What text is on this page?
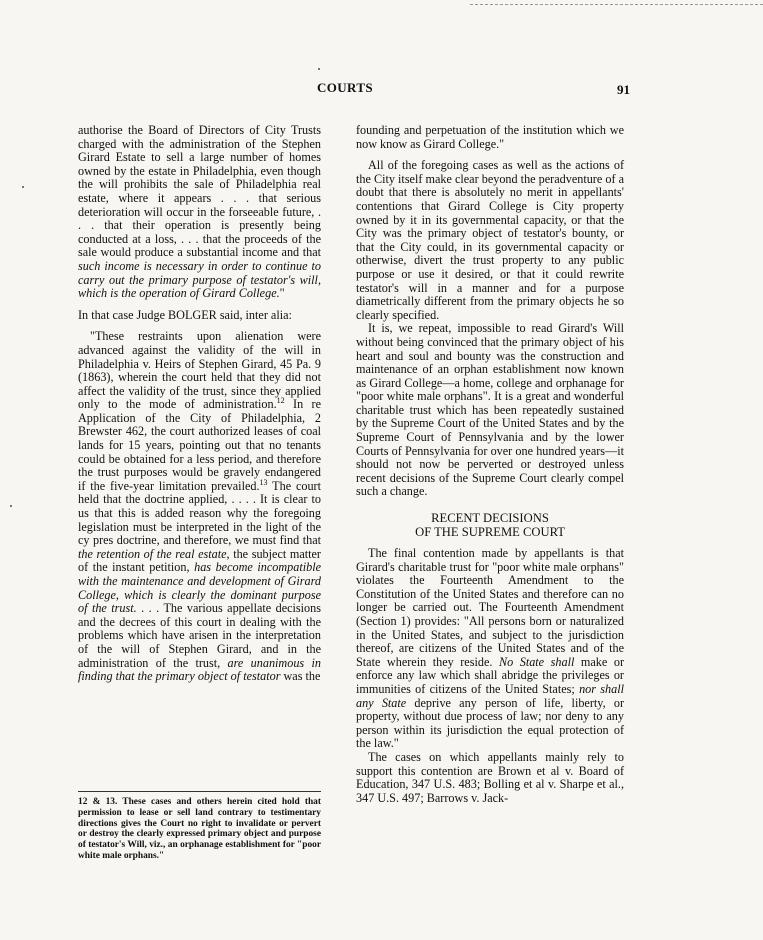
COURTS	91

authorise the Board of Directors of City Trusts charged with the administration of the Stephen Girard Estate to sell a large number of homes owned by the estate in Philadelphia, even though the will prohibits the sale of Philadelphia real estate, where it appears . . . that serious deterioration will occur in the forseeable future, . . . that their operation is presently being conducted at a loss, . . . that the proceeds of the sale would produce a substantial income and that such income is necessary in order to continue to carry out the primary purpose of testator's will, which is the operation of Girard College."

In that case Judge BOLGER said, inter alia:

"These restraints upon alienation were advanced against the validity of the will in Philadelphia v. Heirs of Stephen Girard, 45 Pa. 9 (1863), wherein the court held that they did not affect the validity of the trust, since they applied only to the mode of administration.$^{12}$ In re Application of the City of Philadelphia, 2 Brewster 462, the court authorized leases of coal lands for 15 years, pointing out that no tenants could be obtained for a less period, and therefore the trust purposes would be gravely endangered if the five-year limitation prevailed.$^{13}$ The court held that the doctrine applied, . . . . It is clear to us that this is added reason why the foregoing legislation must be interpreted in the light of the cy pres doctrine, and therefore, we must find that the retention of the real estate, the subject matter of the instant petition, has become incompatible with the maintenance and development of Girard College, which is clearly the dominant purpose of the trust. . . . The various appellate decisions and the decrees of this court in dealing with the problems which have arisen in the interpretation of the will of Stephen Girard, and in the administration of the trust, are unanimous in finding that the primary object of testator was the

12 & 13. These cases and others herein cited hold that permission to lease or sell land contrary to testimentary directions gives the Court no right to invalidate or pervert or destroy the clearly expressed primary object and purpose of testator's Will, viz., an orphanage establishment for "poor white male orphans."

founding and perpetuation of the institution which we now know as Girard College."

All of the foregoing cases as well as the actions of the City itself make clear beyond the peradventure of a doubt that there is absolutely no merit in appellants' contentions that Girard College is City property owned by it in its governmental capacity, or that the City was the primary object of testator's bounty, or that the City could, in its governmental capacity or otherwise, divert the trust property to any public purpose or use it desired, or that it could rewrite testator's will in a manner and for a purpose diametrically different from the primary objects he so clearly specified.

It is, we repeat, impossible to read Girard's Will without being convinced that the primary object of his heart and soul and bounty was the construction and maintenance of an orphan establishment now known as Girard College—a home, college and orphanage for "poor white male orphans". It is a great and wonderful charitable trust which has been repeatedly sustained by the Supreme Court of the United States and by the Supreme Court of Pennsylvania and by the lower Courts of Pennsylvania for over one hundred years—it should not now be perverted or destroyed unless recent decisions of the Supreme Court clearly compel such a change.

RECENT DECISIONS
OF THE SUPREME COURT

The final contention made by appellants is that Girard's charitable trust for "poor white male orphans" violates the Fourteenth Amendment to the Constitution of the United States and therefore can no longer be carried out. The Fourteenth Amendment (Section 1) provides: "All persons born or naturalized in the United States, and subject to the jurisdiction thereof, are citizens of the United States and of the State wherein they reside. No State shall make or enforce any law which shall abridge the privileges or immunities of citizens of the United States; nor shall any State deprive any person of life, liberty, or property, without due process of law; nor deny to any person within its jurisdiction the equal protection of the law."

The cases on which appellants mainly rely to support this contention are Brown et al v. Board of Education, 347 U.S. 483; Bolling et al v. Sharpe et al., 347 U.S. 497; Barrows v. Jack-
